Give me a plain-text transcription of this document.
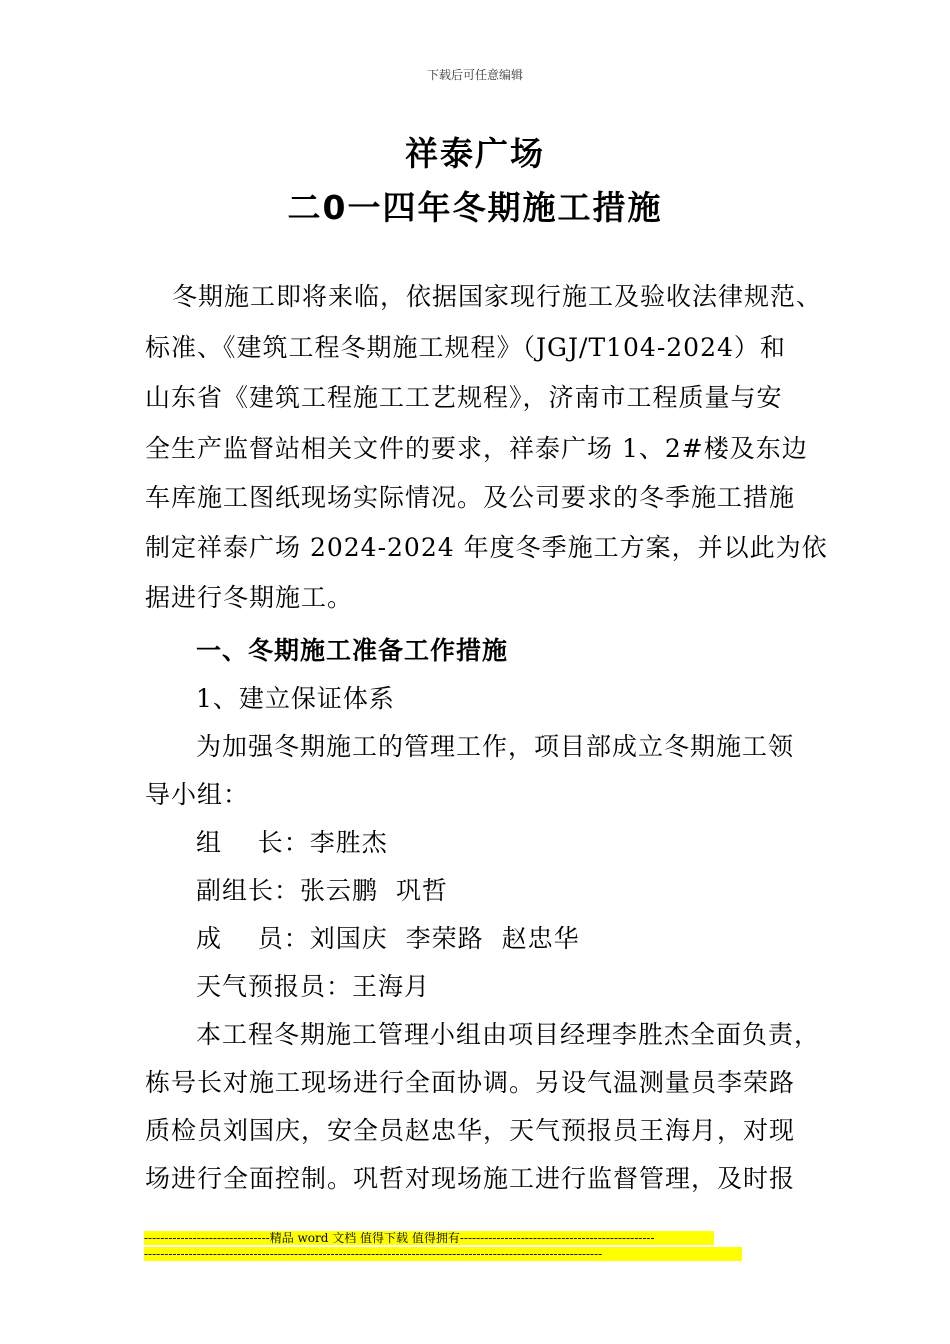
下载后可任意编辑
祥泰广场
二0一四年冬期施工措施
冬期施工即将来临，依据国家现行施工及验收法律规范、
标准、《建筑工程冬期施工规程》（JGJ/T104-2024）和
山东省《建筑工程施工工艺规程》，济南市工程质量与安
全生产监督站相关文件的要求，祥泰广场 1、2#楼及东边
车库施工图纸现场实际情况。及公司要求的冬季施工措施
制定祥泰广场 2024-2024 年度冬季施工方案，并以此为依
据进行冬期施工。
一、冬期施工准备工作措施
1、建立保证体系
为加强冬期施工的管理工作，项目部成立冬期施工领
导小组：
组    长：李胜杰
副组长：张云鹏  巩哲
成    员：刘国庆  李荣路  赵忠华
天气预报员：王海月
本工程冬期施工管理小组由项目经理李胜杰全面负责，
栋号长对施工现场进行全面协调。另设气温测量员李荣路
质检员刘国庆，安全员赵忠华，天气预报员王海月，对现
场进行全面控制。巩哲对现场施工进行监督管理，及时报
-------------------------------精品 word 文档 值得下载 值得拥有------------------------------------------------
-----------------------------------------------------------------------------------------------------------------
